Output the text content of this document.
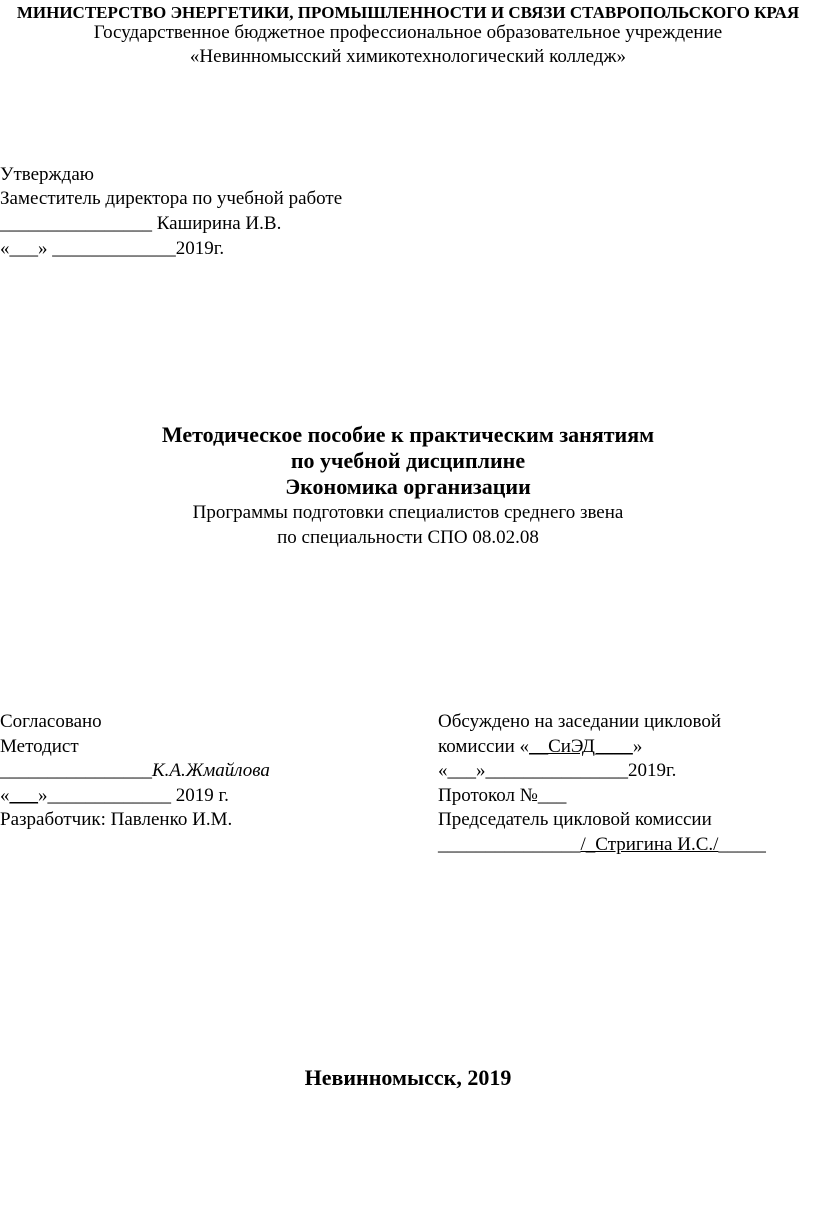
МИНИСТЕРСТВО ЭНЕРГЕТИКИ, ПРОМЫШЛЕННОСТИ И СВЯЗИ СТАВРОПОЛЬСКОГО КРАЯ
Государственное бюджетное профессиональное образовательное учреждение
«Невинномысский химикотехнологический колледж»
Утверждаю
Заместитель директора по учебной работе
________________ Каширина И.В.
«___» _____________2019г.
Методическое пособие к практическим занятиям
по учебной дисциплине
Экономика организации
Программы подготовки специалистов среднего звена
по специальности СПО 08.02.08
Согласовано
Методист
________________К.А.Жмайлова
«___»_____________ 2019 г.
Разработчик: Павленко И.М.
Обсуждено на заседании цикловой
комиссии «__СиЭД____»
«___»_______________2019г.
Протокол №___
Председатель цикловой комиссии
_______________/_Стригина И.С./_____
Невинномысск, 2019
